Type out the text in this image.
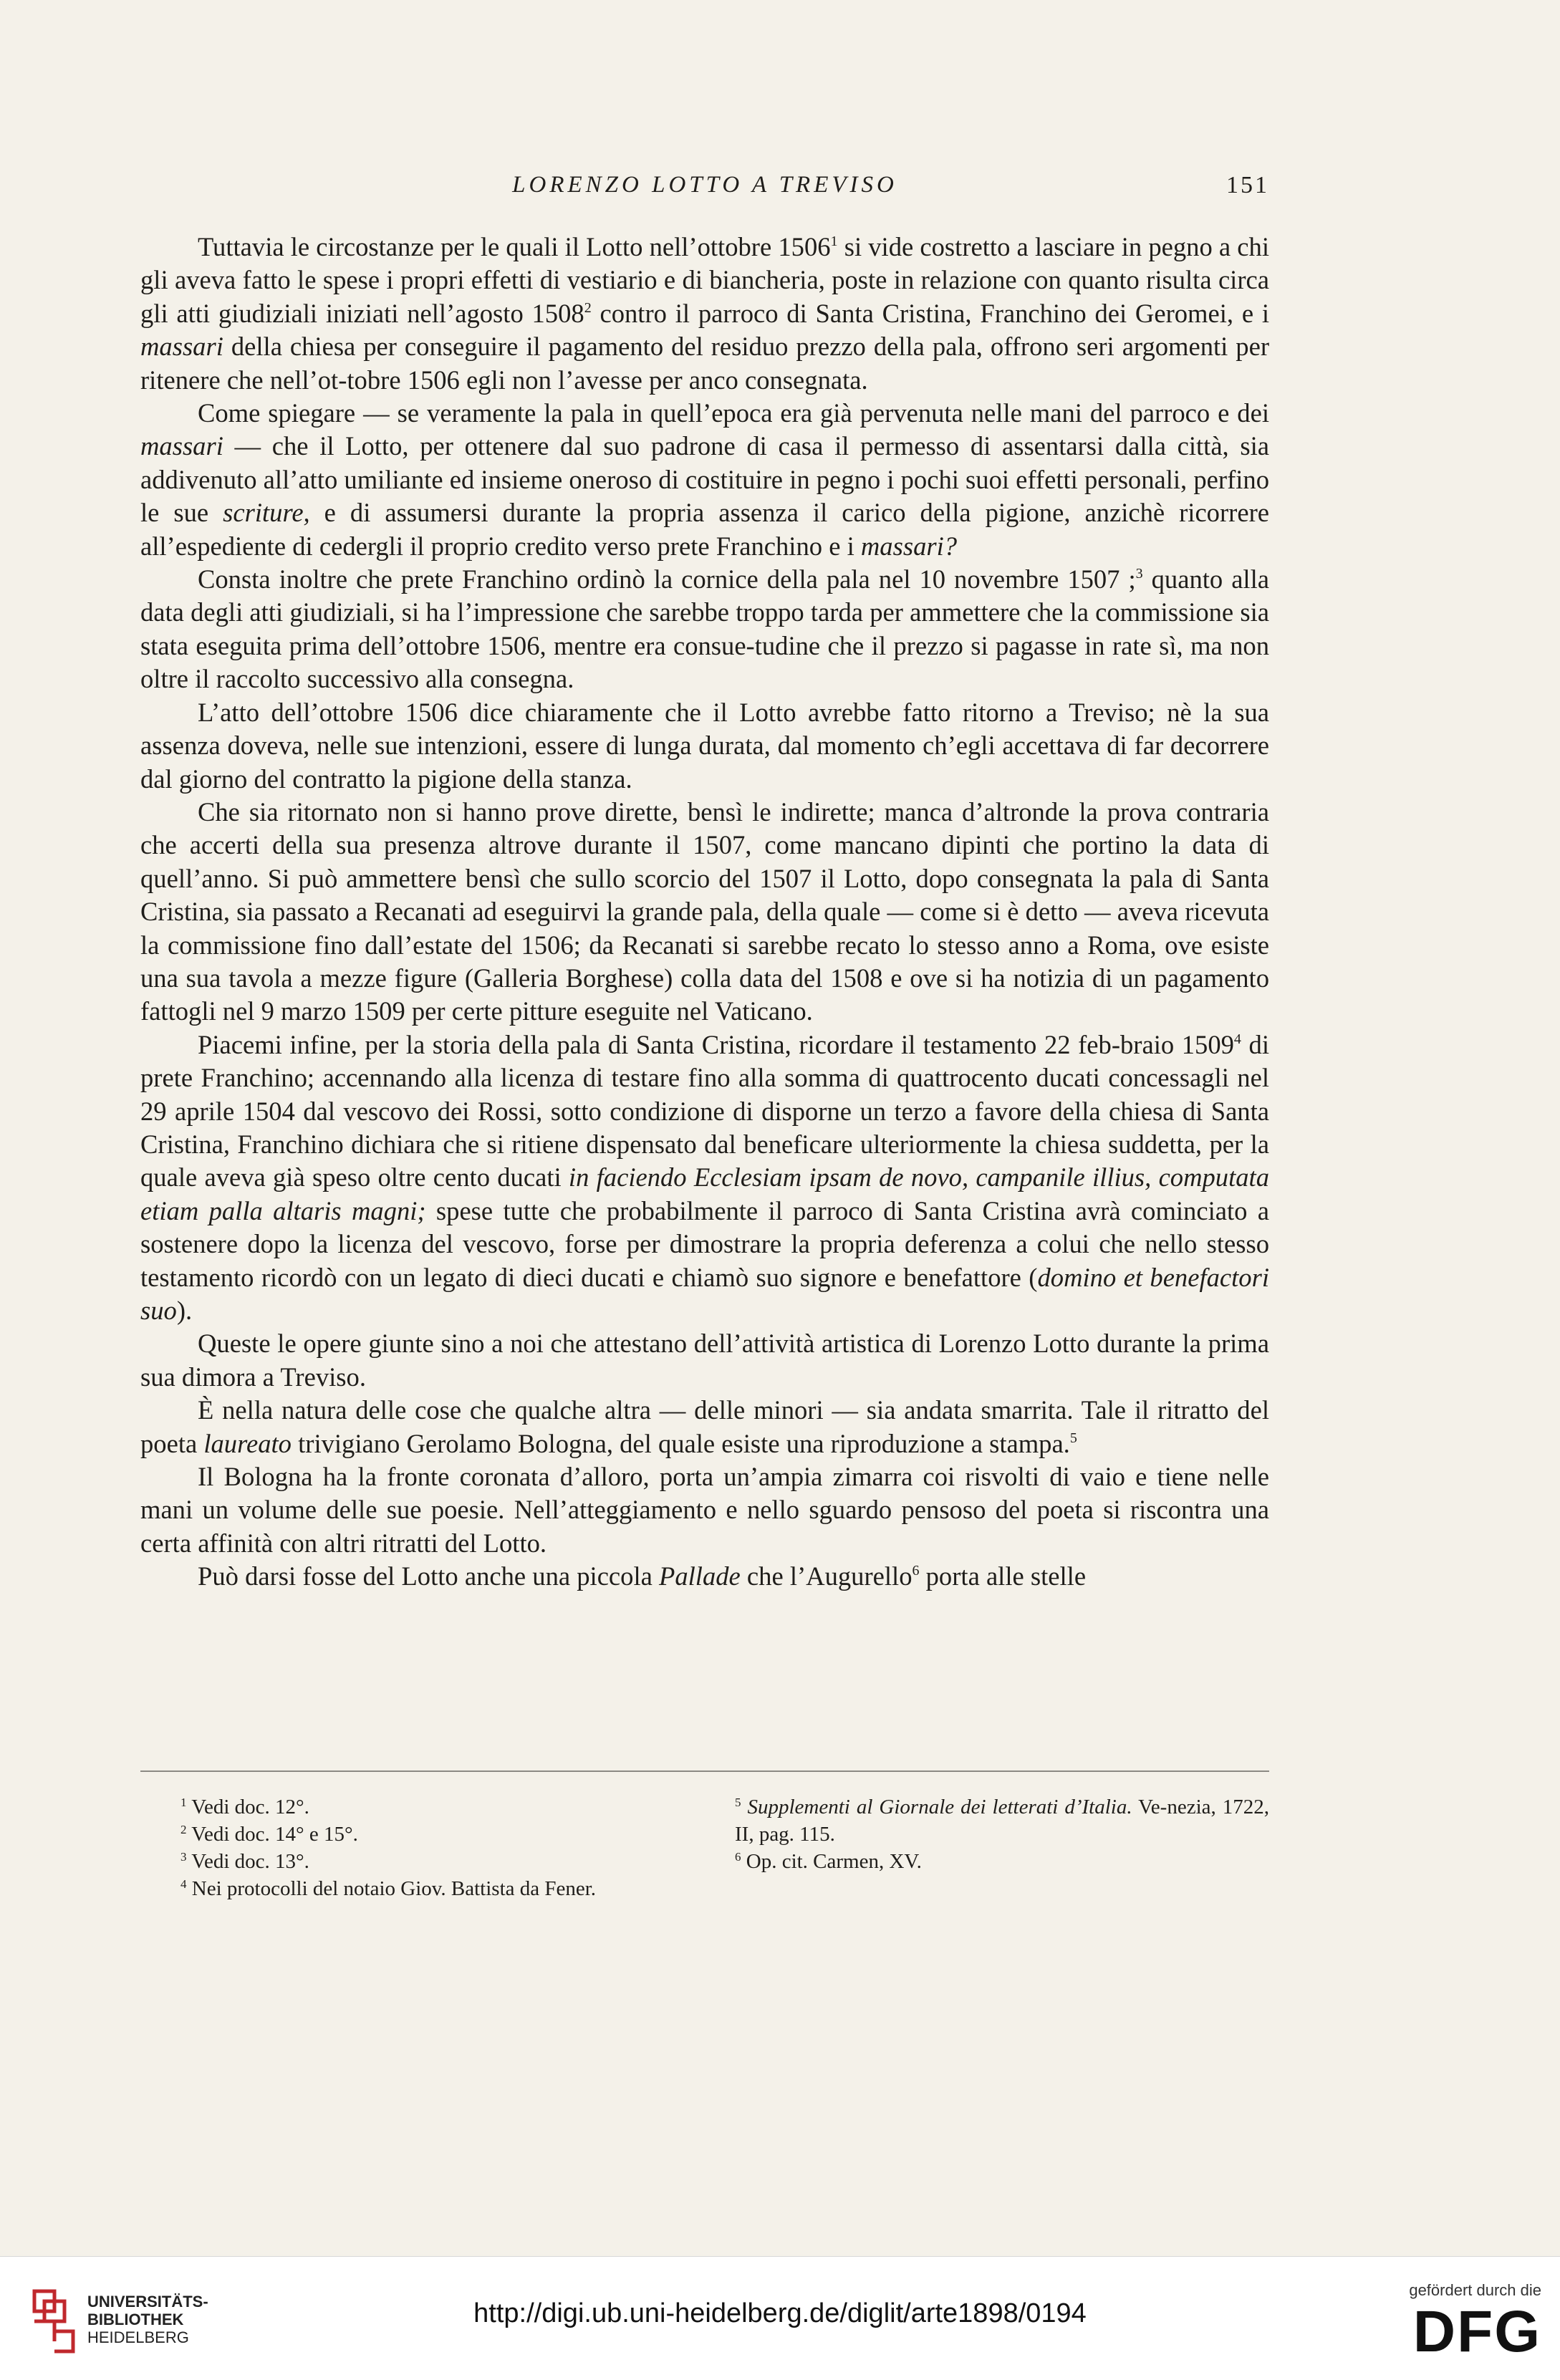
LORENZO LOTTO A TREVISO	151

Tuttavia le circostanze per le quali il Lotto nell’ottobre 1506$^1$ si vide costretto a lasciare in pegno a chi gli aveva fatto le spese i propri effetti di vestiario e di biancheria, poste in relazione con quanto risulta circa gli atti giudiziali iniziati nell’agosto 1508$^2$ contro il parroco di Santa Cristina, Franchino dei Geromei, e i massari della chiesa per conseguire il pagamento del residuo prezzo della pala, offrono seri argomenti per ritenere che nell’ot-tobre 1506 egli non l’avesse per anco consegnata.

Come spiegare — se veramente la pala in quell’epoca era già pervenuta nelle mani del parroco e dei massari — che il Lotto, per ottenere dal suo padrone di casa il permesso di assentarsi dalla città, sia addivenuto all’atto umiliante ed insieme oneroso di costituire in pegno i pochi suoi effetti personali, perfino le sue scriture, e di assumersi durante la propria assenza il carico della pigione, anzichè ricorrere all’espediente di cedergli il proprio credito verso prete Franchino e i massari?

Consta inoltre che prete Franchino ordinò la cornice della pala nel 10 novembre 1507 ;$^3$ quanto alla data degli atti giudiziali, si ha l’impressione che sarebbe troppo tarda per ammettere che la commissione sia stata eseguita prima dell’ottobre 1506, mentre era consue-tudine che il prezzo si pagasse in rate sì, ma non oltre il raccolto successivo alla consegna.

L’atto dell’ottobre 1506 dice chiaramente che il Lotto avrebbe fatto ritorno a Treviso; nè la sua assenza doveva, nelle sue intenzioni, essere di lunga durata, dal momento ch’egli accettava di far decorrere dal giorno del contratto la pigione della stanza.

Che sia ritornato non si hanno prove dirette, bensì le indirette; manca d’altronde la prova contraria che accerti della sua presenza altrove durante il 1507, come mancano dipinti che portino la data di quell’anno. Si può ammettere bensì che sullo scorcio del 1507 il Lotto, dopo consegnata la pala di Santa Cristina, sia passato a Recanati ad eseguirvi la grande pala, della quale — come si è detto — aveva ricevuta la commissione fino dall’estate del 1506; da Recanati si sarebbe recato lo stesso anno a Roma, ove esiste una sua tavola a mezze figure (Galleria Borghese) colla data del 1508 e ove si ha notizia di un pagamento fattogli nel 9 marzo 1509 per certe pitture eseguite nel Vaticano.

Piacemi infine, per la storia della pala di Santa Cristina, ricordare il testamento 22 feb-braio 1509$^4$ di prete Franchino; accennando alla licenza di testare fino alla somma di quattrocento ducati concessagli nel 29 aprile 1504 dal vescovo dei Rossi, sotto condizione di disporne un terzo a favore della chiesa di Santa Cristina, Franchino dichiara che si ritiene dispensato dal beneficare ulteriormente la chiesa suddetta, per la quale aveva già speso oltre cento ducati in faciendo Ecclesiam ipsam de novo, campanile illius, computata etiam palla altaris magni; spese tutte che probabilmente il parroco di Santa Cristina avrà cominciato a sostenere dopo la licenza del vescovo, forse per dimostrare la propria deferenza a colui che nello stesso testamento ricordò con un legato di dieci ducati e chiamò suo signore e benefattore (domino et benefactori suo).

Queste le opere giunte sino a noi che attestano dell’attività artistica di Lorenzo Lotto durante la prima sua dimora a Treviso.

È nella natura delle cose che qualche altra — delle minori — sia andata smarrita. Tale il ritratto del poeta laureato trivigiano Gerolamo Bologna, del quale esiste una riproduzione a stampa.$^5$

Il Bologna ha la fronte coronata d’alloro, porta un’ampia zimarra coi risvolti di vaio e tiene nelle mani un volume delle sue poesie. Nell’atteggiamento e nello sguardo pensoso del poeta si riscontra una certa affinità con altri ritratti del Lotto.

Può darsi fosse del Lotto anche una piccola Pallade che l’Augurello$^6$ porta alle stelle

$^1$ Vedi doc. 12°.
$^2$ Vedi doc. 14° e 15°.
$^3$ Vedi doc. 13°.
$^4$ Nei protocolli del notaio Giov. Battista da Fener.
$^5$ Supplementi al Giornale dei letterati d’Italia. Ve-nezia, 1722, II, pag. 115.
$^6$ Op. cit. Carmen, XV.
UNIVERSITÄTS-
BIBLIOTHEK
HEIDELBERG
http://digi.ub.uni-heidelberg.de/diglit/arte1898/0194
gefördert durch die
DFG
